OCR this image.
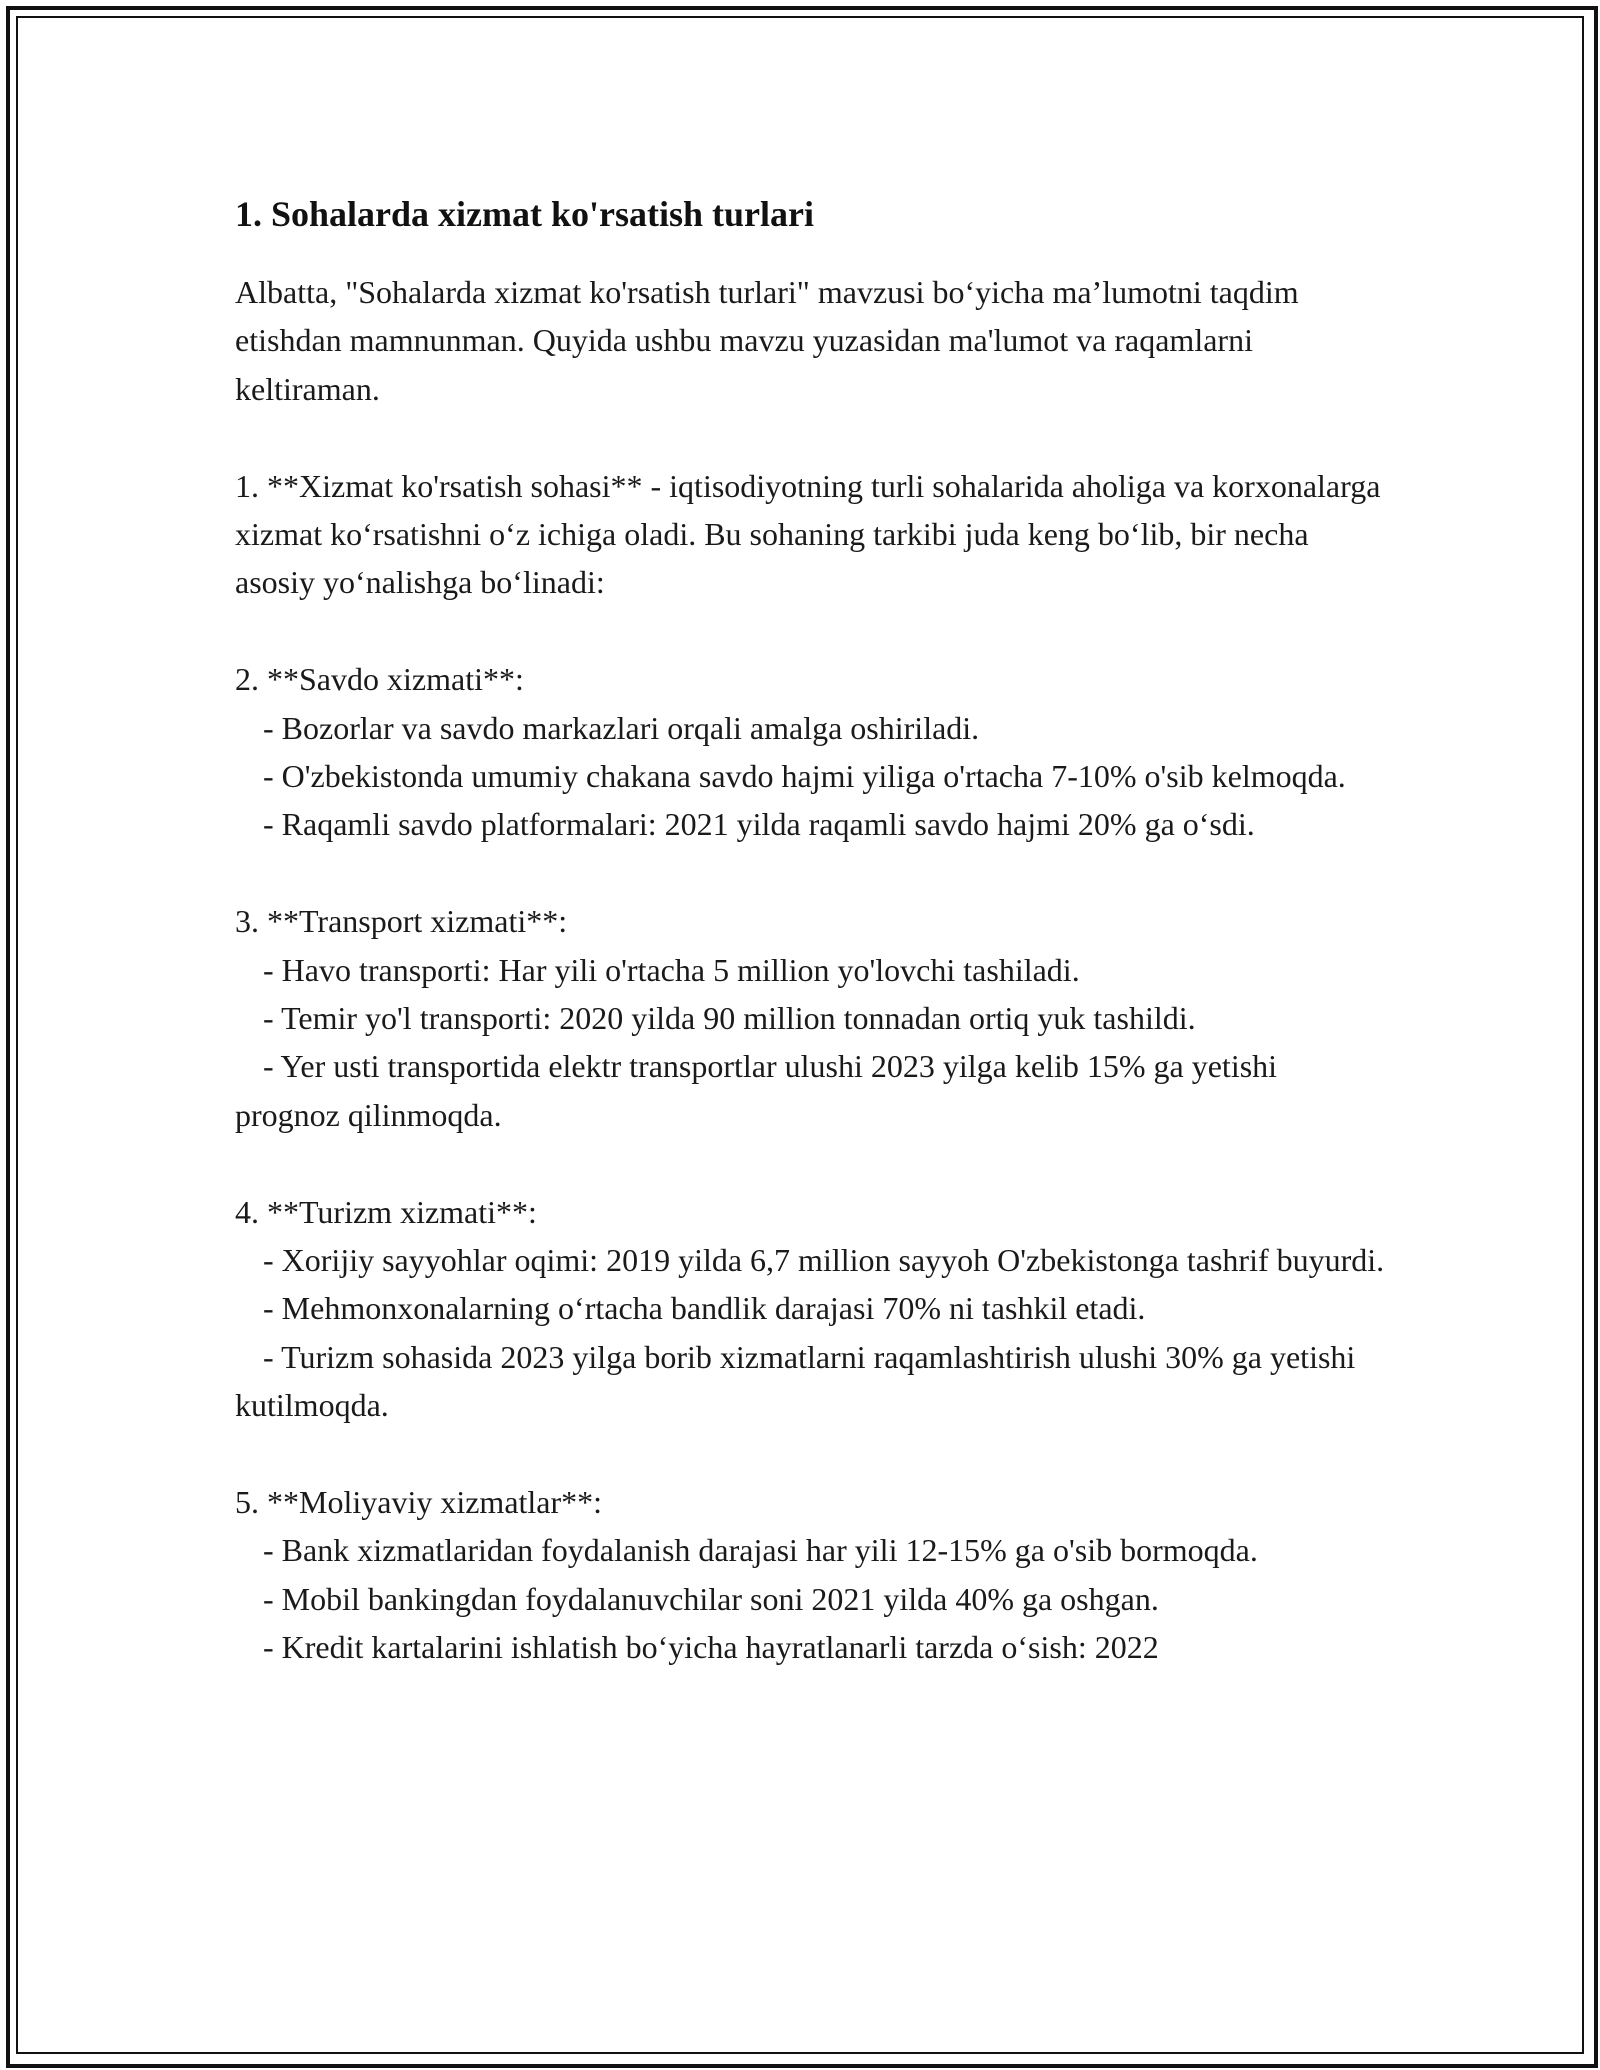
1. Sohalarda xizmat ko'rsatish turlari

Albatta, "Sohalarda xizmat ko'rsatish turlari" mavzusi bo‘yicha ma’lumotni taqdim etishdan mamnunman. Quyida ushbu mavzu yuzasidan ma'lumot va raqamlarni keltiraman.

1. **Xizmat ko'rsatish sohasi** - iqtisodiyotning turli sohalarida aholiga va korxonalarga xizmat ko‘rsatishni o‘z ichiga oladi. Bu sohaning tarkibi juda keng bo‘lib, bir necha asosiy yo‘nalishga bo‘linadi:

2. **Savdo xizmati**:

- Bozorlar va savdo markazlari orqali amalga oshiriladi.

- O'zbekistonda umumiy chakana savdo hajmi yiliga o'rtacha 7-10% o'sib kelmoqda.

- Raqamli savdo platformalari: 2021 yilda raqamli savdo hajmi 20% ga o‘sdi.

3. **Transport xizmati**:

- Havo transporti: Har yili o'rtacha 5 million yo'lovchi tashiladi.

- Temir yo'l transporti: 2020 yilda 90 million tonnadan ortiq yuk tashildi.

- Yer usti transportida elektr transportlar ulushi 2023 yilga kelib 15% ga yetishi prognoz qilinmoqda.

4. **Turizm xizmati**:

- Xorijiy sayyohlar oqimi: 2019 yilda 6,7 million sayyoh O'zbekistonga tashrif buyurdi.

- Mehmonxonalarning o‘rtacha bandlik darajasi 70% ni tashkil etadi.

- Turizm sohasida 2023 yilga borib xizmatlarni raqamlashtirish ulushi 30% ga yetishi kutilmoqda.

5. **Moliyaviy xizmatlar**:

- Bank xizmatlaridan foydalanish darajasi har yili 12-15% ga o'sib bormoqda.

- Mobil bankingdan foydalanuvchilar soni 2021 yilda 40% ga oshgan.

- Kredit kartalarini ishlatish bo‘yicha hayratlanarli tarzda o‘sish: 2022
